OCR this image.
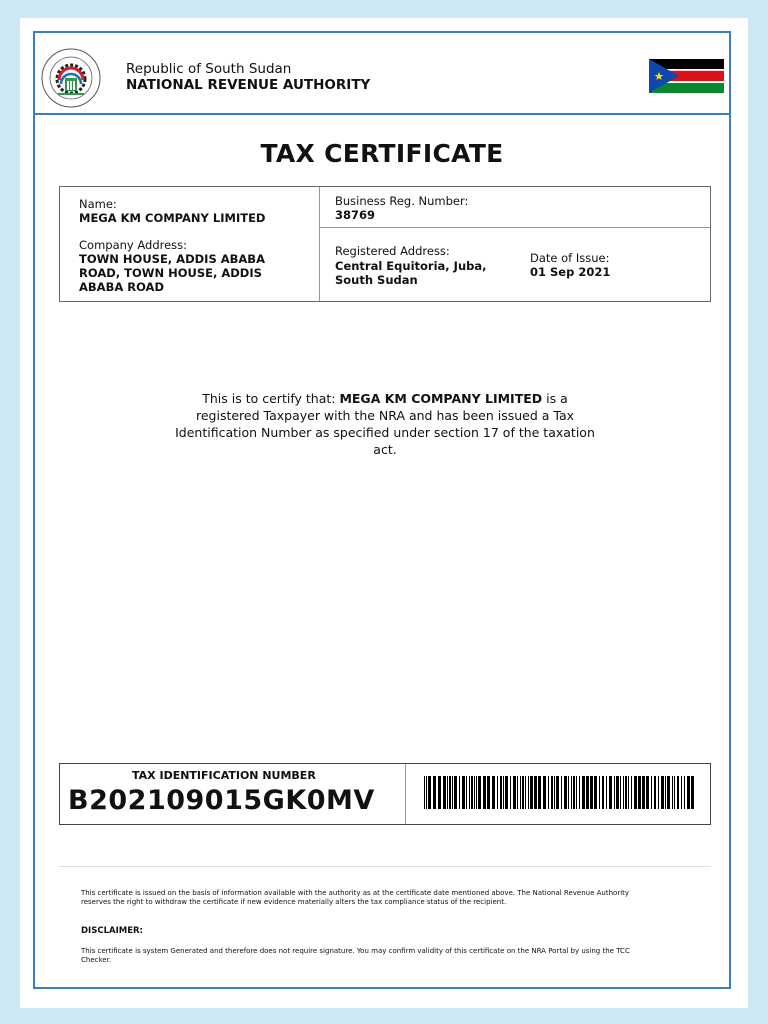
Republic of South Sudan
NATIONAL REVENUE AUTHORITY
TAX CERTIFICATE
Name:
MEGA KM COMPANY LIMITED
Company Address:
TOWN HOUSE, ADDIS ABABA
ROAD, TOWN HOUSE, ADDIS
ABABA ROAD
Business Reg. Number:
38769
Registered Address:
Central Equitoria, Juba,
South Sudan
Date of Issue:
01 Sep 2021
This is to certify that: MEGA KM COMPANY LIMITED is a registered Taxpayer with the NRA and has been issued a Tax Identification Number as specified under section 17 of the taxation act.
TAX IDENTIFICATION NUMBER
B202109015GK0MV
This certificate is issued on the basis of information available with the authority as at the certificate date mentioned above. The National Revenue Authority
reserves the right to withdraw the certificate if new evidence materially alters the tax compliance status of the recipient.
DISCLAIMER:
This certificate is system Generated and therefore does not require signature. You may confirm validity of this certificate on the NRA Portal by using the TCC
Checker.
